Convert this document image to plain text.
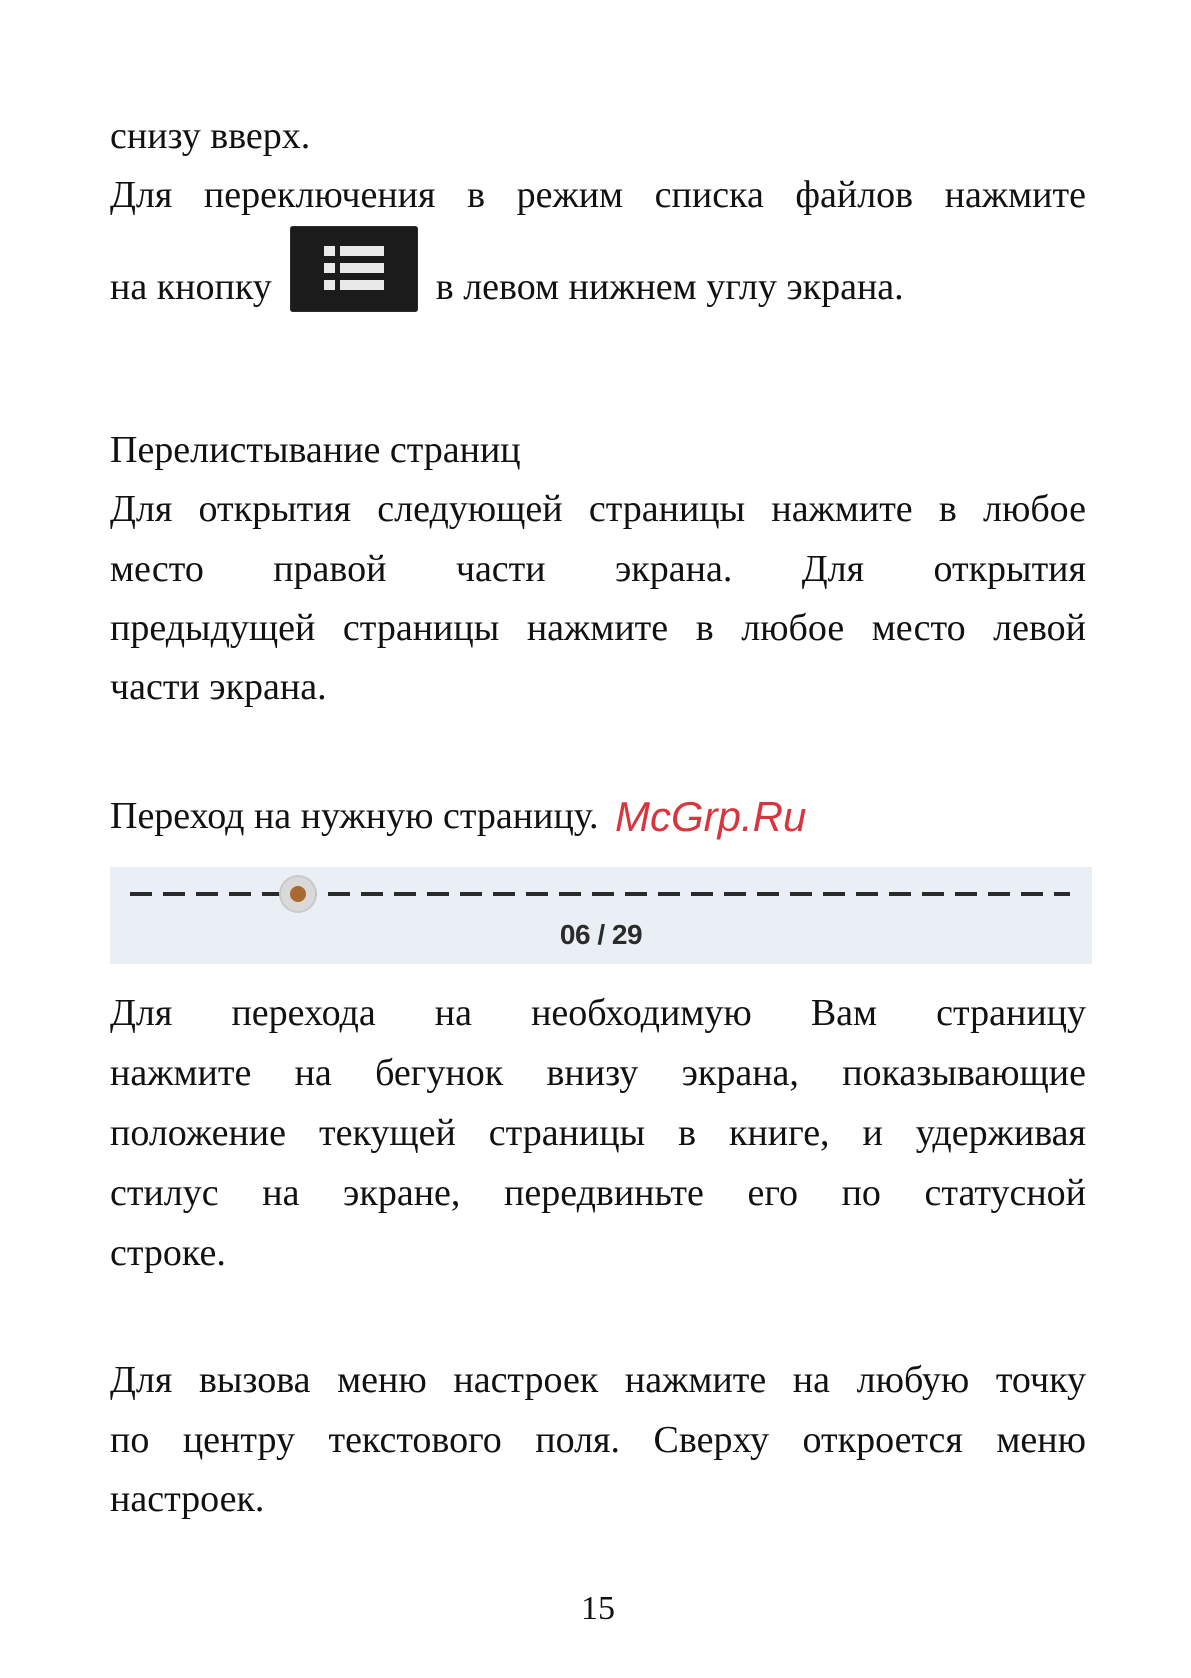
снизу вверх.
Для переключения в режим списка файлов нажмите
на кнопку	в левом нижнем углу экрана.
Перелистывание страниц
Для открытия следующей страницы нажмите в любое
место правой части экрана. Для открытия
предыдущей страницы нажмите в любое место левой
части экрана.
Переход на нужную страницу.
06 / 29
McGrp.Ru
Для перехода на необходимую Вам страницу
нажмите на бегунок внизу экрана, показывающие
положение текущей страницы в книге, и удерживая
стилус на экране, передвиньте его по статусной
строке.
Для вызова меню настроек нажмите на любую точку
по центру текстового поля. Сверху откроется меню
настроек.
15
